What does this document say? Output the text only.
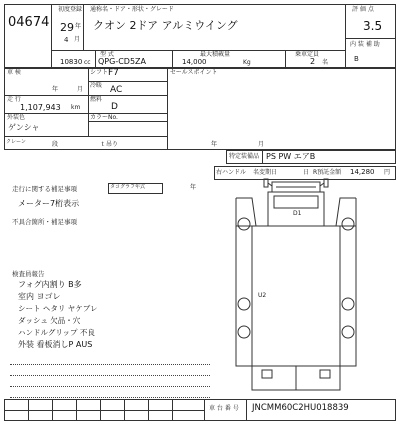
04674
初度登録
29 年
4 月
通称名・ドア・形状・グレード
クオン 2ドア アルミウイング
評 価 点
3.5
内 装 補 助
B
型 式	最大積載量	乗車定員
10830 cc QPG-CD5ZA	14,000	Kg	2 名
車 検
年	月
シフト F7
冷暖 AC
走 行
1,107,943 km
燃料
D
外装色
ゲンシャ
カラーNo.
クレーン	段	ｔ吊り	年	月
セールスポイント
特定装備品 PS PW エアB
右ハンドル 名変期日	日 R預託金額 14,280 円
走行に関する補足事項	タコグラフ年式	年
メーター7桁表示
不具合箇所・補足事項
検査員報告
フォグ内割り B多
室内 ヨゴレ
シート ヘタリ ヤケブレ
ダッシュ 欠品・穴
ハンドルグリップ 不良
外装 看板消しP AUS
D1
U2
車 台 番 号 JNCMM60C2HU018839
